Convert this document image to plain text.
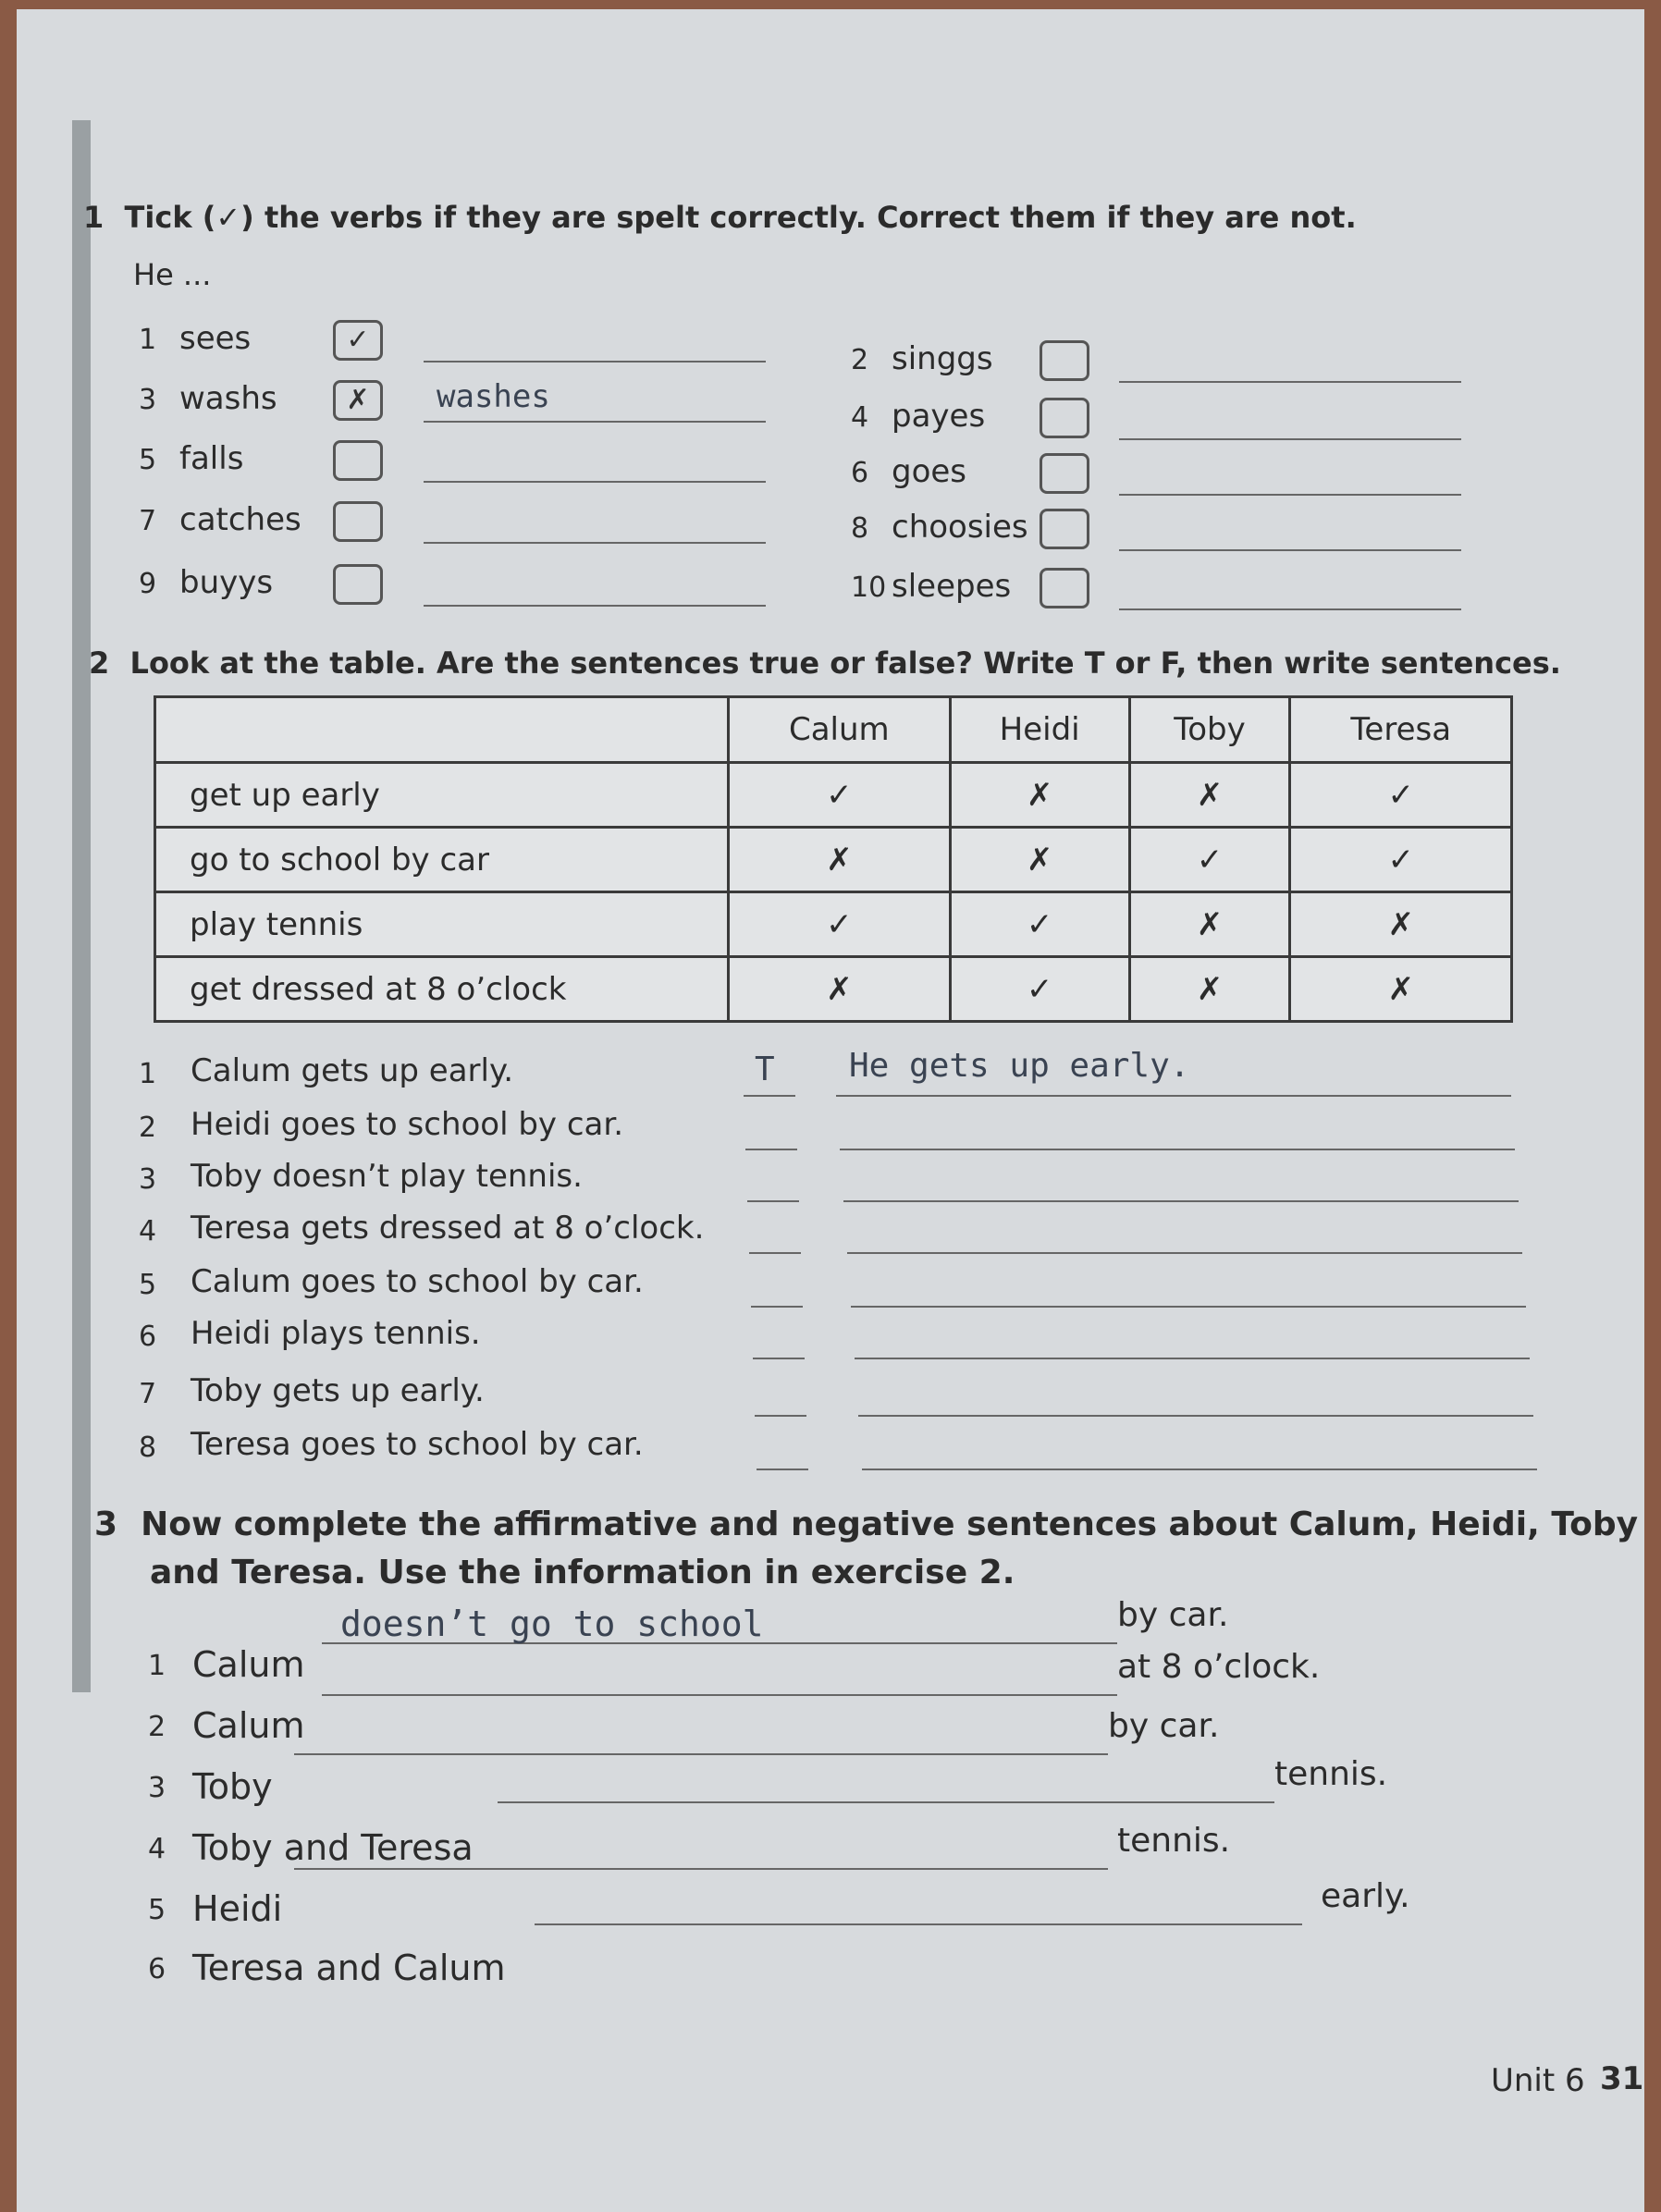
1 Tick (✓) the verbs if they are spelt correctly. Correct them if they are not.
He ...
1 sees	✓
2 singgs
3 washs	✗	washes
4 payes
5 falls	6 goes
7 catches	8 choosies
9 buyys	10 sleepes
2 Look at the table. Are the sentences true or false? Write T or F, then write sentences.
	Calum	Heidi	Toby	Teresa
get up early	✓	✗	✗	✓
go to school by car	✗	✗	✓	✓
play tennis	✓	✓	✗	✗
get dressed at 8 o’clock	✗	✓	✗	✗
1 Calum gets up early.	T He gets up early.
2 Heidi goes to school by car.
3 Toby doesn’t play tennis.
4 Teresa gets dressed at 8 o’clock.
5 Calum goes to school by car.
6 Heidi plays tennis.
7 Toby gets up early.
8 Teresa goes to school by car.
3 Now complete the affirmative and negative sentences about Calum, Heidi, Toby
and Teresa. Use the information in exercise 2.
1 Calum
doesn’t go to school	by car.
2 Calum
at 8 o’clock.
3 Toby
by car.
4 Toby and Teresa
tennis.
5 Heidi
tennis.
6 Teresa and Calum
early.
Unit 6 31
